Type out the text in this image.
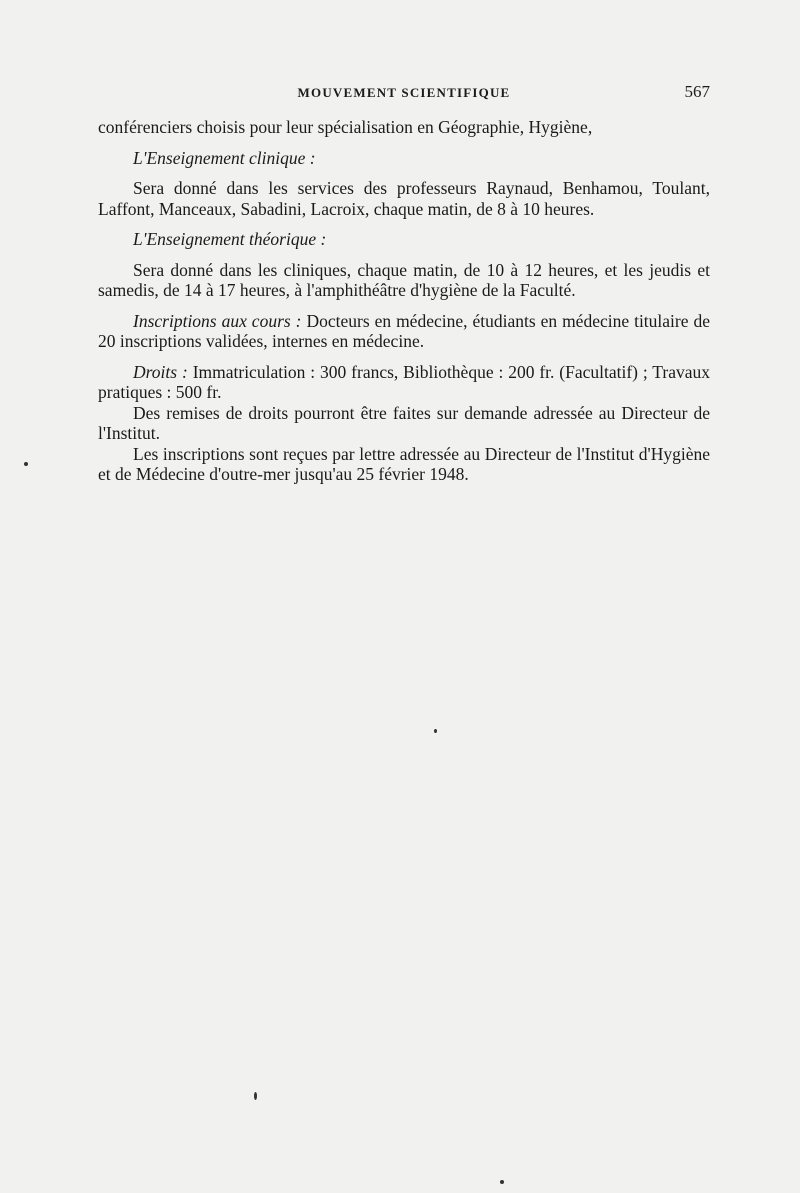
MOUVEMENT SCIENTIFIQUE	567

conférenciers choisis pour leur spécialisation en Géographie, Hygiène,

L'Enseignement clinique :

Sera donné dans les services des professeurs Raynaud, Benhamou, Toulant, Laffont, Manceaux, Sabadini, Lacroix, chaque matin, de 8 à 10 heures.

L'Enseignement théorique :

Sera donné dans les cliniques, chaque matin, de 10 à 12 heures, et les jeudis et samedis, de 14 à 17 heures, à l'amphithéâtre d'hygiène de la Faculté.

Inscriptions aux cours : Docteurs en médecine, étudiants en médecine titulaire de 20 inscriptions validées, internes en médecine.

Droits : Immatriculation : 300 francs, Bibliothèque : 200 fr. (Facultatif) ; Travaux pratiques : 500 fr.

Des remises de droits pourront être faites sur demande adressée au Directeur de l'Institut.

Les inscriptions sont reçues par lettre adressée au Directeur de l'Institut d'Hygiène et de Médecine d'outre-mer jusqu'au 25 février 1948.
